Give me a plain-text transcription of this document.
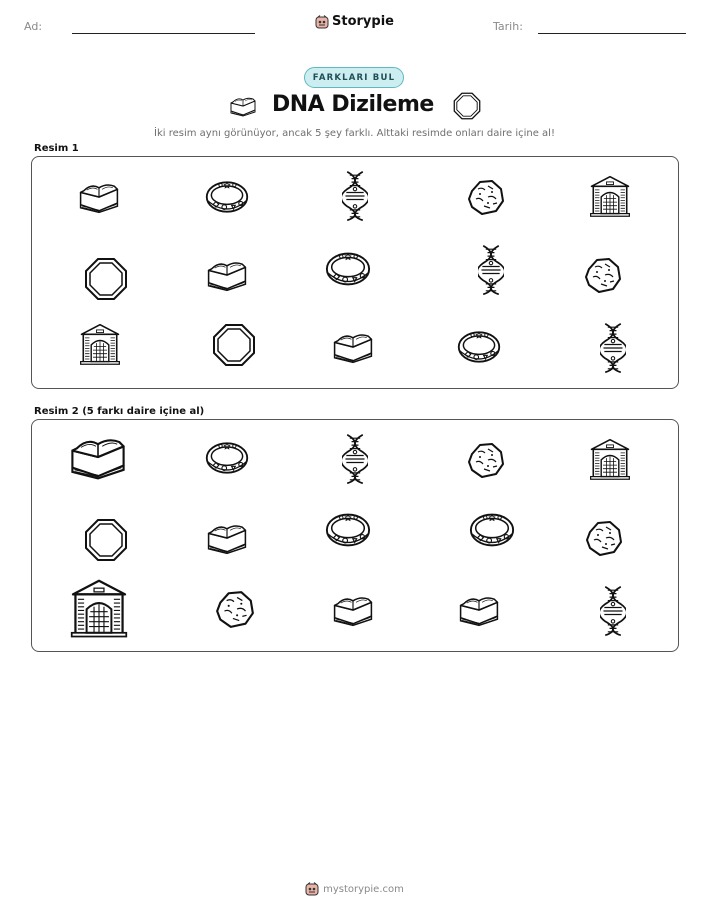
Ad:	Storypie	Tarih:
FARKLARI BUL
DNA Dizileme
İki resim aynı görünüyor, ancak 5 şey farklı. Alttaki resimde onları daire içine al!
Resim 1
Resim 2 (5 farkı daire içine al)
mystorypie.com
